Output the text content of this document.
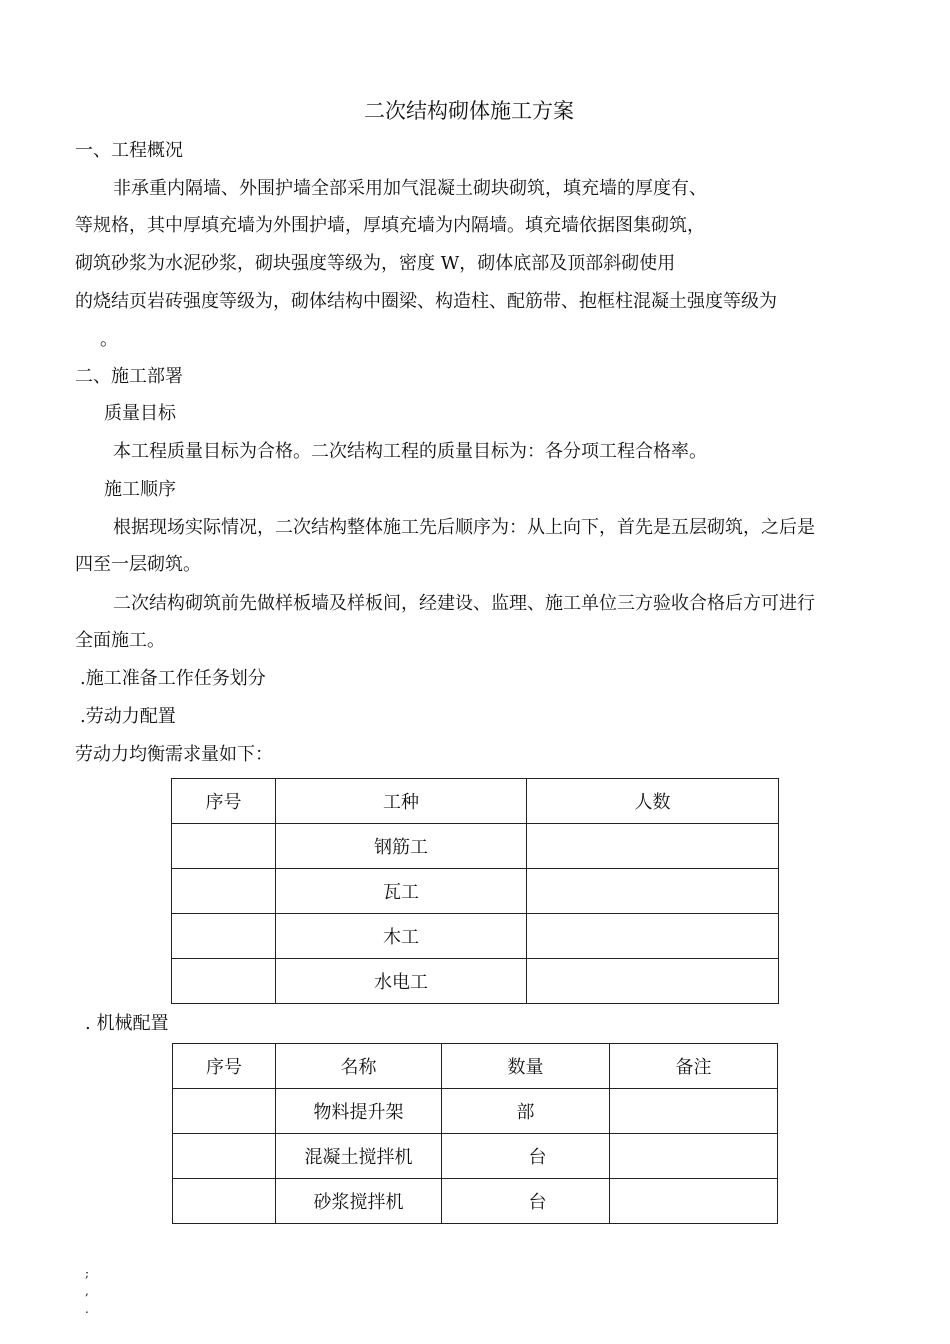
二次结构砌体施工方案
一、工程概况
非承重内隔墙、外围护墙全部采用加气混凝土砌块砌筑，填充墙的厚度有、
等规格，其中厚填充墙为外围护墙，厚填充墙为内隔墙。填充墙依据图集砌筑，
砌筑砂浆为水泥砂浆，砌块强度等级为，密度 W，砌体底部及顶部斜砌使用
的烧结页岩砖强度等级为，砌体结构中圈梁、构造柱、配筋带、抱框柱混凝土强度等级为
。
二、施工部署
质量目标
本工程质量目标为合格。二次结构工程的质量目标为：各分项工程合格率。
施工顺序
根据现场实际情况，二次结构整体施工先后顺序为：从上向下，首先是五层砌筑，之后是
四至一层砌筑。
二次结构砌筑前先做样板墙及样板间，经建设、监理、施工单位三方验收合格后方可进行
全面施工。
.施工准备工作任务划分
.劳动力配置
劳动力均衡需求量如下：
序号	工种	人数
	钢筋工	
	瓦工	
	木工	
	水电工	
. 机械配置
序号	名称	数量	备注
	物料提升架	部	
	混凝土搅拌机	台	
	砂浆搅拌机	台	
;
,
.
